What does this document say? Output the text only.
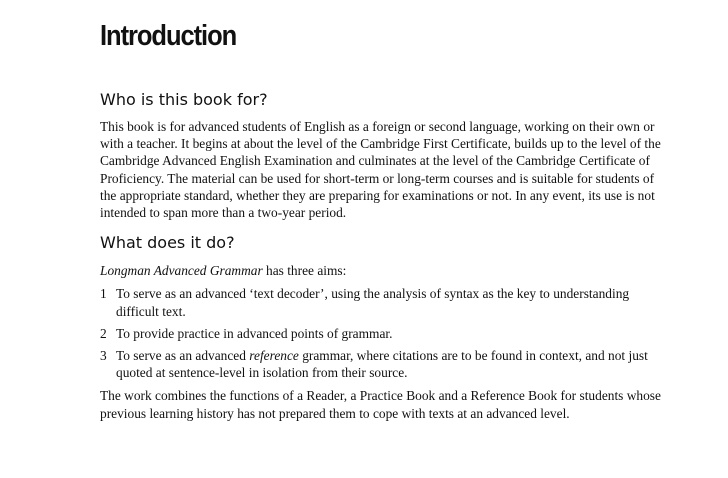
Introduction
Who is this book for?

This book is for advanced students of English as a foreign or second language, working on their own or with a teacher. It begins at about the level of the Cambridge First Certificate, builds up to the level of the Cambridge Advanced English Examination and culminates at the level of the Cambridge Certificate of Proficiency. The material can be used for short-term or long-term courses and is suitable for students of the appropriate standard, whether they are preparing for examinations or not. In any event, its use is not intended to span more than a two-year period.

What does it do?

Longman Advanced Grammar has three aims:

1 To serve as an advanced ‘text decoder’, using the analysis of syntax as the key to understanding difficult text.
2 To provide practice in advanced points of grammar.
3 To serve as an advanced reference grammar, where citations are to be found in context, and not just quoted at sentence-level in isolation from their source.

The work combines the functions of a Reader, a Practice Book and a Reference Book for students whose previous learning history has not prepared them to cope with texts at an advanced level.
